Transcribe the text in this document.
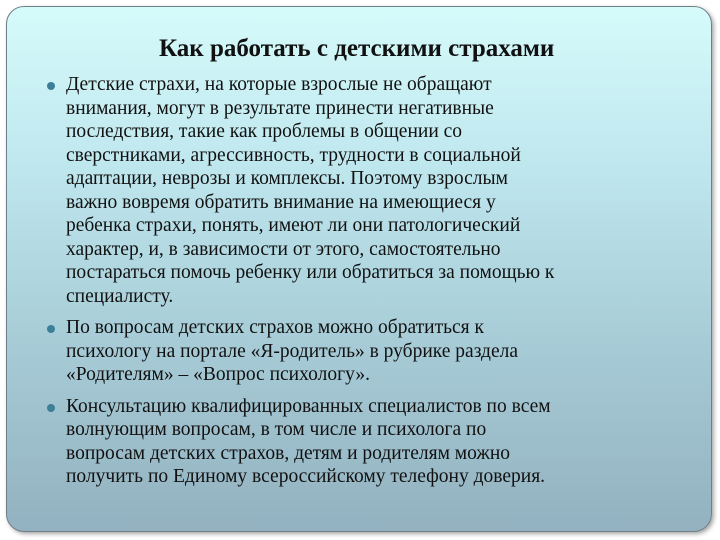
Как работать с детскими страхами
Детские страхи, на которые взрослые не обращают
внимания, могут в результате принести негативные
последствия, такие как проблемы в общении со
сверстниками, агрессивность, трудности в социальной
адаптации, неврозы и комплексы. Поэтому взрослым
важно вовремя обратить внимание на имеющиеся у
ребенка страхи, понять, имеют ли они патологический
характер, и, в зависимости от этого, самостоятельно
постараться помочь ребенку или обратиться за помощью к
специалисту.
По вопросам детских страхов можно обратиться к
психологу на портале «Я-родитель» в рубрике раздела
«Родителям» – «Вопрос психологу».
Консультацию квалифицированных специалистов по всем
волнующим вопросам, в том числе и психолога по
вопросам детских страхов, детям и родителям можно
получить по Единому всероссийскому телефону доверия.
